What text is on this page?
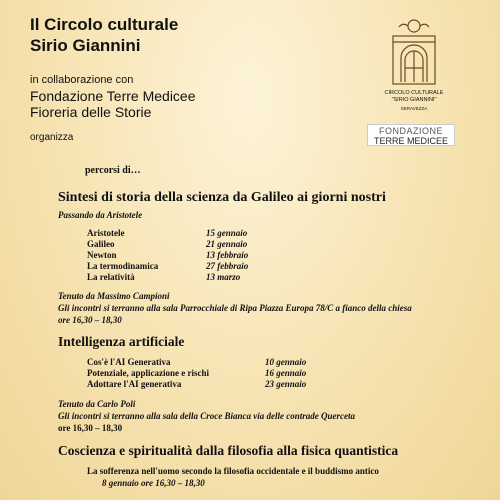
Il Circolo culturale
Sirio Giannini
in collaborazione con
Fondazione Terre Medicee
Fioreria delle Storie
organizza
CIRCOLO CULTURALE
"SIRIO GIANNINI"
SERAVEZZA
FONDAZIONE
TERRE MEDICEE
percorsi di…
Sintesi di storia della scienza da Galileo ai giorni nostri
Passando da Aristotele
Aristotele	15 gennaio
Galileo	21 gennaio
Newton	13 febbraio
La termodinamica	27 febbraio
La relatività	13 marzo
Tenuto da Massimo Campioni
Gli incontri si terranno alla sala Parrocchiale di Ripa Piazza Europa 78/C a fianco della chiesa
ore 16,30 – 18,30
Intelligenza artificiale
Cos'è l'AI Generativa	10 gennaio
Potenziale, applicazione e rischi	16 gennaio
Adottare l'AI generativa	23 gennaio
Tenuto da Carlo Poli
Gli incontri si terranno alla sala della Croce Bianca via delle contrade Querceta
ore 16,30 – 18,30
Coscienza e spiritualità dalla filosofia alla fisica quantistica
La sofferenza nell'uomo secondo la filosofia occidentale e il buddismo antico
8 gennaio ore 16,30 – 18,30
